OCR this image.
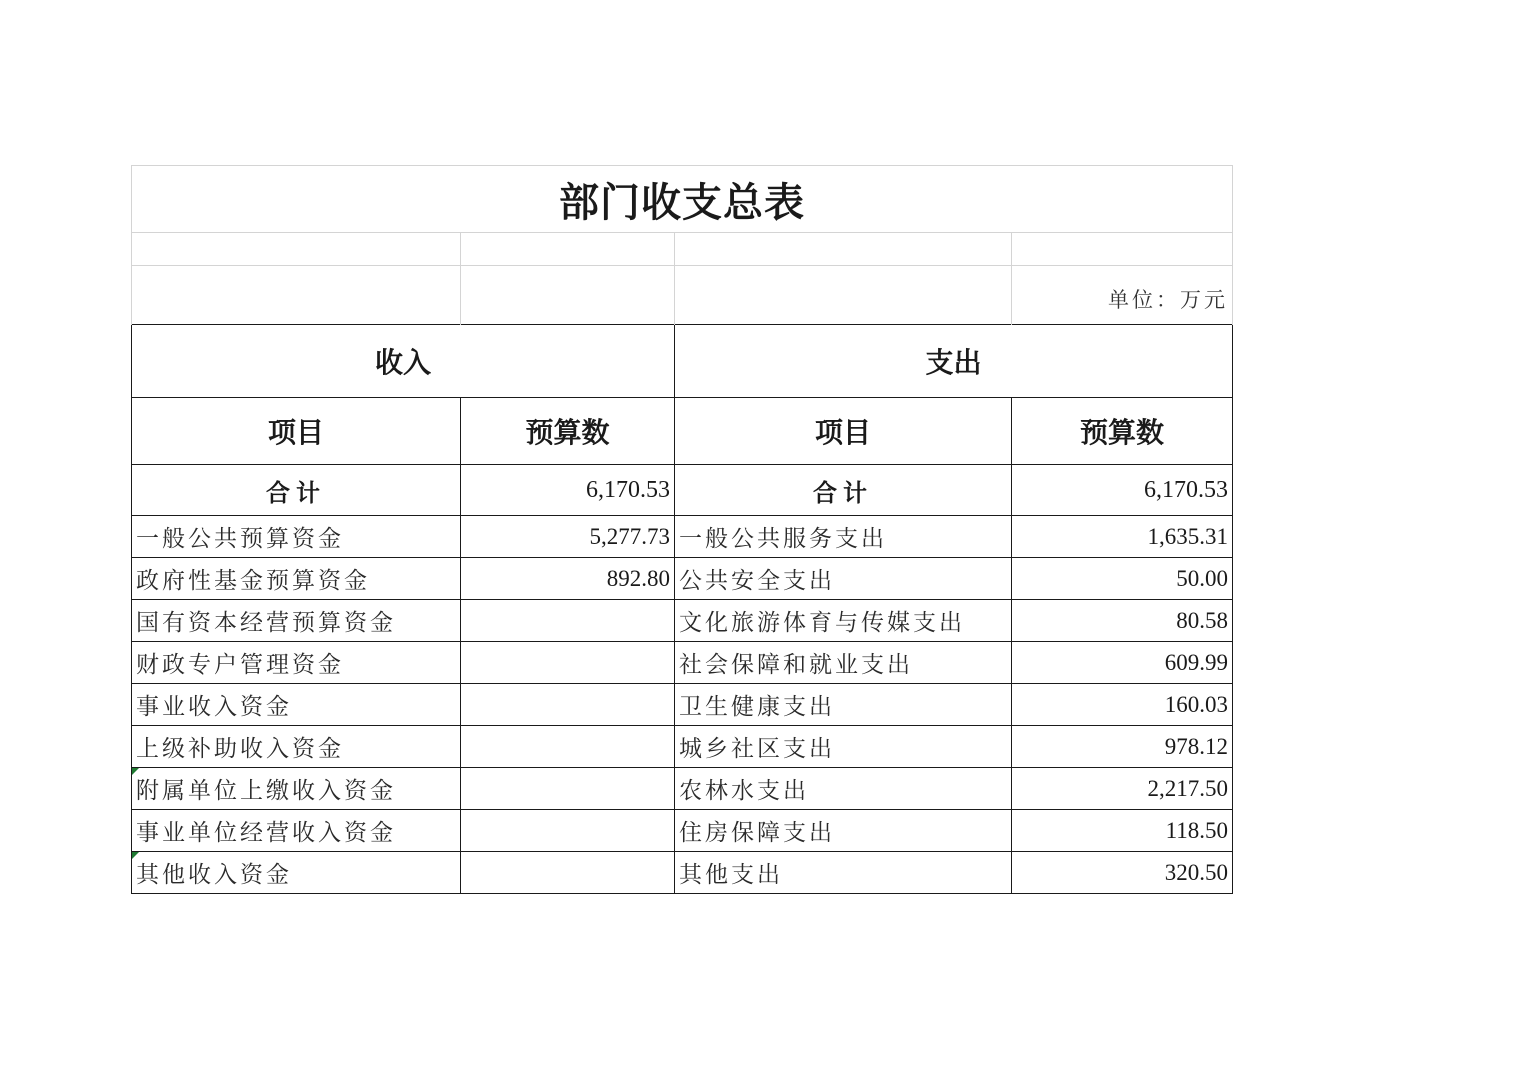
部门收支总表			

			单位：万元
收入		支出	
项目	预算数	项目	预算数
合计	6,170.53	合计	6,170.53
一般公共预算资金	5,277.73	一般公共服务支出	1,635.31
政府性基金预算资金	892.80	公共安全支出	50.00
国有资本经营预算资金		文化旅游体育与传媒支出	80.58
财政专户管理资金		社会保障和就业支出	609.99
事业收入资金		卫生健康支出	160.03
上级补助收入资金		城乡社区支出	978.12
附属单位上缴收入资金		农林水支出	2,217.50
事业单位经营收入资金		住房保障支出	118.50
其他收入资金		其他支出	320.50
